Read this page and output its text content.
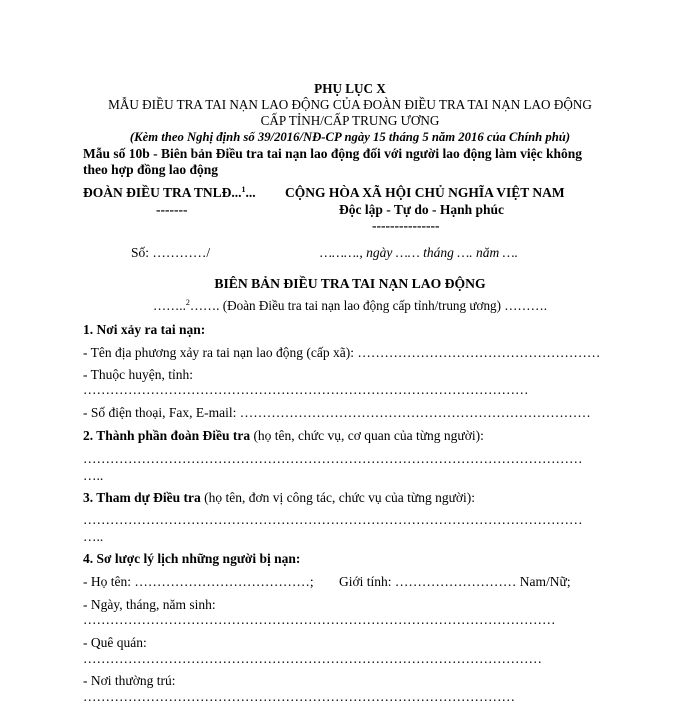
PHỤ LỤC X
MẪU ĐIỀU TRA TAI NẠN LAO ĐỘNG CỦA ĐOÀN ĐIỀU TRA TAI NẠN LAO ĐỘNG
CẤP TỈNH/CẤP TRUNG ƯƠNG
(Kèm theo Nghị định số 39/2016/NĐ-CP ngày 15 tháng 5 năm 2016 của Chính phủ)
Mẫu số 10b - Biên bản Điều tra tai nạn lao động đối với người lao động làm việc không
theo hợp đồng lao động
ĐOÀN ĐIỀU TRA TNLĐ...$^1$...
-------
CỘNG HÒA XÃ HỘI CHỦ NGHĨA VIỆT NAM
Độc lập - Tự do - Hạnh phúc
---------------
Số: …………/	………., ngày …… tháng …. năm ….
BIÊN BẢN ĐIỀU TRA TAI NẠN LAO ĐỘNG
……..$^2$……. (Đoàn Điều tra tai nạn lao động cấp tỉnh/trung ương) ……….
1. Nơi xảy ra tai nạn:
- Tên địa phương xảy ra tai nạn lao động (cấp xã): ………………………………………………
- Thuộc huyện, tỉnh:
………………………………………………………………………………………
- Số điện thoại, Fax, E-mail: ……………………………………………………………………
2. Thành phần đoàn Điều tra (họ tên, chức vụ, cơ quan của từng người):
…………………………………………………………………………………………………
…..
3. Tham dự Điều tra (họ tên, đơn vị công tác, chức vụ của từng người):
…………………………………………………………………………………………………
…..
4. Sơ lược lý lịch những người bị nạn:
- Họ tên: …………………………………; Giới tính: ……………………… Nam/Nữ;
- Ngày, tháng, năm sinh:
……………………………………………………………………………………………
- Quê quán:
…………………………………………………………………………………………
- Nơi thường trú:
……………………………………………………………………………………
